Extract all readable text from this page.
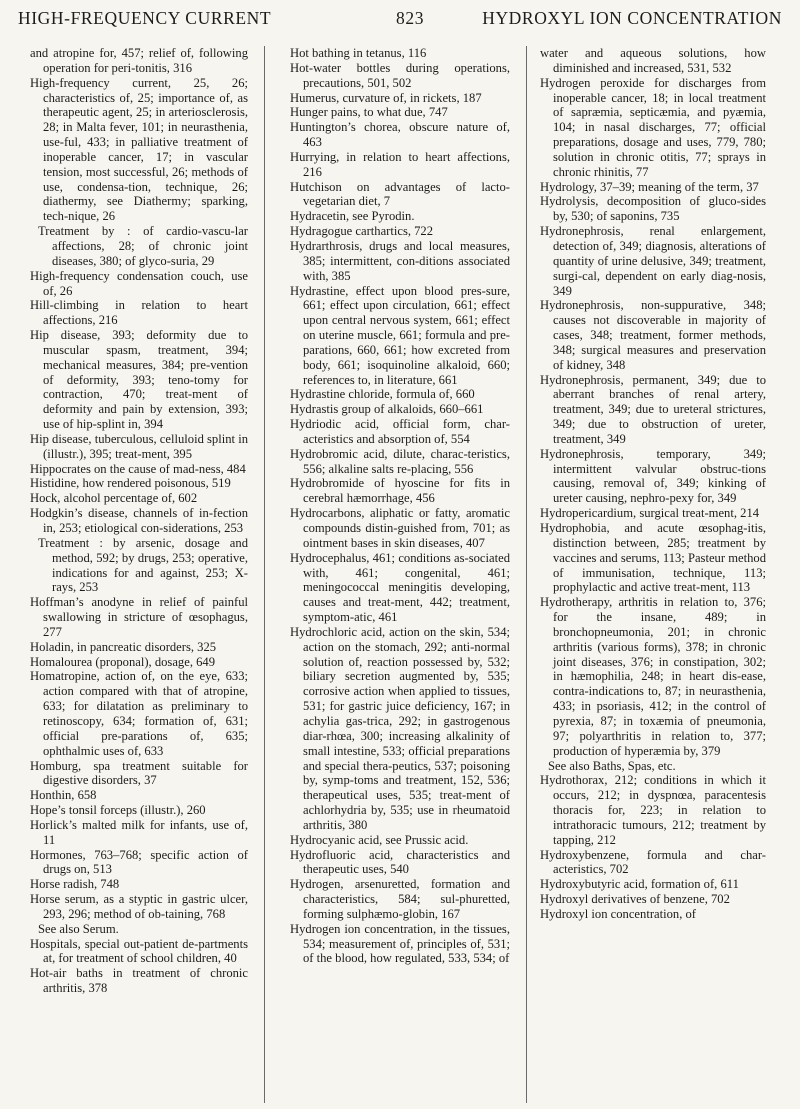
HIGH-FREQUENCY CURRENT	823	HYDROXYL ION CONCENTRATION

and atropine for, 457; relief of, following operation for peri-tonitis, 316

High-frequency current, 25, 26; characteristics of, 25; importance of, as therapeutic agent, 25; in arteriosclerosis, 28; in Malta fever, 101; in neurasthenia, use-ful, 433; in palliative treatment of inoperable cancer, 17; in vascular tension, most successful, 26; methods of use, condensa-tion, technique, 26; diathermy, see Diathermy; sparking, tech-nique, 26

Treatment by : of cardio-vascu-lar affections, 28; of chronic joint diseases, 380; of glyco-suria, 29

High-frequency condensation couch, use of, 26

Hill-climbing in relation to heart affections, 216

Hip disease, 393; deformity due to muscular spasm, treatment, 394; mechanical measures, 384; pre-vention of deformity, 393; teno-tomy for contraction, 470; treat-ment of deformity and pain by extension, 393; use of hip-splint in, 394

Hip disease, tuberculous, celluloid splint in (illustr.), 395; treat-ment, 395

Hippocrates on the cause of mad-ness, 484

Histidine, how rendered poisonous, 519

Hock, alcohol percentage of, 602

Hodgkin’s disease, channels of in-fection in, 253; etiological con-siderations, 253

Treatment : by arsenic, dosage and method, 592; by drugs, 253; operative, indications for and against, 253; X-rays, 253

Hoffman’s anodyne in relief of painful swallowing in stricture of œsophagus, 277

Holadin, in pancreatic disorders, 325

Homalourea (proponal), dosage, 649

Homatropine, action of, on the eye, 633; action compared with that of atropine, 633; for dilatation as preliminary to retinoscopy, 634; formation of, 631; official pre-parations of, 635; ophthalmic uses of, 633

Homburg, spa treatment suitable for digestive disorders, 37

Honthin, 658

Hope’s tonsil forceps (illustr.), 260

Horlick’s malted milk for infants, use of, 11

Hormones, 763–768; specific action of drugs on, 513

Horse radish, 748

Horse serum, as a styptic in gastric ulcer, 293, 296; method of ob-taining, 768

See also Serum.

Hospitals, special out-patient de-partments at, for treatment of school children, 40

Hot-air baths in treatment of chronic arthritis, 378

Hot bathing in tetanus, 116

Hot-water bottles during operations, precautions, 501, 502

Humerus, curvature of, in rickets, 187

Hunger pains, to what due, 747

Huntington’s chorea, obscure nature of, 463

Hurrying, in relation to heart affections, 216

Hutchison on advantages of lacto-vegetarian diet, 7

Hydracetin, see Pyrodin.

Hydragogue carthartics, 722

Hydrarthrosis, drugs and local measures, 385; intermittent, con-ditions associated with, 385

Hydrastine, effect upon blood pres-sure, 661; effect upon circulation, 661; effect upon central nervous system, 661; effect on uterine muscle, 661; formula and pre-parations, 660, 661; how excreted from body, 661; isoquinoline alkaloid, 660; references to, in literature, 661

Hydrastine chloride, formula of, 660

Hydrastis group of alkaloids, 660–661

Hydriodic acid, official form, char-acteristics and absorption of, 554

Hydrobromic acid, dilute, charac-teristics, 556; alkaline salts re-placing, 556

Hydrobromide of hyoscine for fits in cerebral hæmorrhage, 456

Hydrocarbons, aliphatic or fatty, aromatic compounds distin-guished from, 701; as ointment bases in skin diseases, 407

Hydrocephalus, 461; conditions as-sociated with, 461; congenital, 461; meningococcal meningitis developing, causes and treat-ment, 442; treatment, symptom-atic, 461

Hydrochloric acid, action on the skin, 534; action on the stomach, 292; anti-normal solution of, reaction possessed by, 532; biliary secretion augmented by, 535; corrosive action when applied to tissues, 531; for gastric juice deficiency, 167; in achylia gas-trica, 292; in gastrogenous diar-rhœa, 300; increasing alkalinity of small intestine, 533; official preparations and special thera-peutics, 537; poisoning by, symp-toms and treatment, 152, 536; therapeutical uses, 535; treat-ment of achlorhydria by, 535; use in rheumatoid arthritis, 380

Hydrocyanic acid, see Prussic acid.

Hydrofluoric acid, characteristics and therapeutic uses, 540

Hydrogen, arsenuretted, formation and characteristics, 584; sul-phuretted, forming sulphæmo-globin, 167

Hydrogen ion concentration, in the tissues, 534; measurement of, principles of, 531; of the blood, how regulated, 533, 534; of

water and aqueous solutions, how diminished and increased, 531, 532

Hydrogen peroxide for discharges from inoperable cancer, 18; in local treatment of sapræmia, septicæmia, and pyæmia, 104; in nasal discharges, 77; official preparations, dosage and uses, 779, 780; solution in chronic otitis, 77; sprays in chronic rhinitis, 77

Hydrology, 37–39; meaning of the term, 37

Hydrolysis, decomposition of gluco-sides by, 530; of saponins, 735

Hydronephrosis, renal enlargement, detection of, 349; diagnosis, alterations of quantity of urine delusive, 349; treatment, surgi-cal, dependent on early diag-nosis, 349

Hydronephrosis, non-suppurative, 348; causes not discoverable in majority of cases, 348; treatment, former methods, 348; surgical measures and preservation of kidney, 348

Hydronephrosis, permanent, 349; due to aberrant branches of renal artery, treatment, 349; due to ureteral strictures, 349; due to obstruction of ureter, treatment, 349

Hydronephrosis, temporary, 349; intermittent valvular obstruc-tions causing, removal of, 349; kinking of ureter causing, nephro-pexy for, 349

Hydropericardium, surgical treat-ment, 214

Hydrophobia, and acute œsophag-itis, distinction between, 285; treatment by vaccines and serums, 113; Pasteur method of immunisation, technique, 113; prophylactic and active treat-ment, 113

Hydrotherapy, arthritis in relation to, 376; for the insane, 489; in bronchopneumonia, 201; in chronic arthritis (various forms), 378; in chronic joint diseases, 376; in constipation, 302; in hæmophilia, 248; in heart dis-ease, contra-indications to, 87; in neurasthenia, 433; in psoriasis, 412; in the control of pyrexia, 87; in toxæmia of pneumonia, 97; polyarthritis in relation to, 377; production of hyperæmia by, 379

See also Baths, Spas, etc.

Hydrothorax, 212; conditions in which it occurs, 212; in dyspnœa, paracentesis thoracis for, 223; in relation to intrathoracic tumours, 212; treatment by tapping, 212

Hydroxybenzene, formula and char-acteristics, 702

Hydroxybutyric acid, formation of, 611

Hydroxyl derivatives of benzene, 702

Hydroxyl ion concentration, of
